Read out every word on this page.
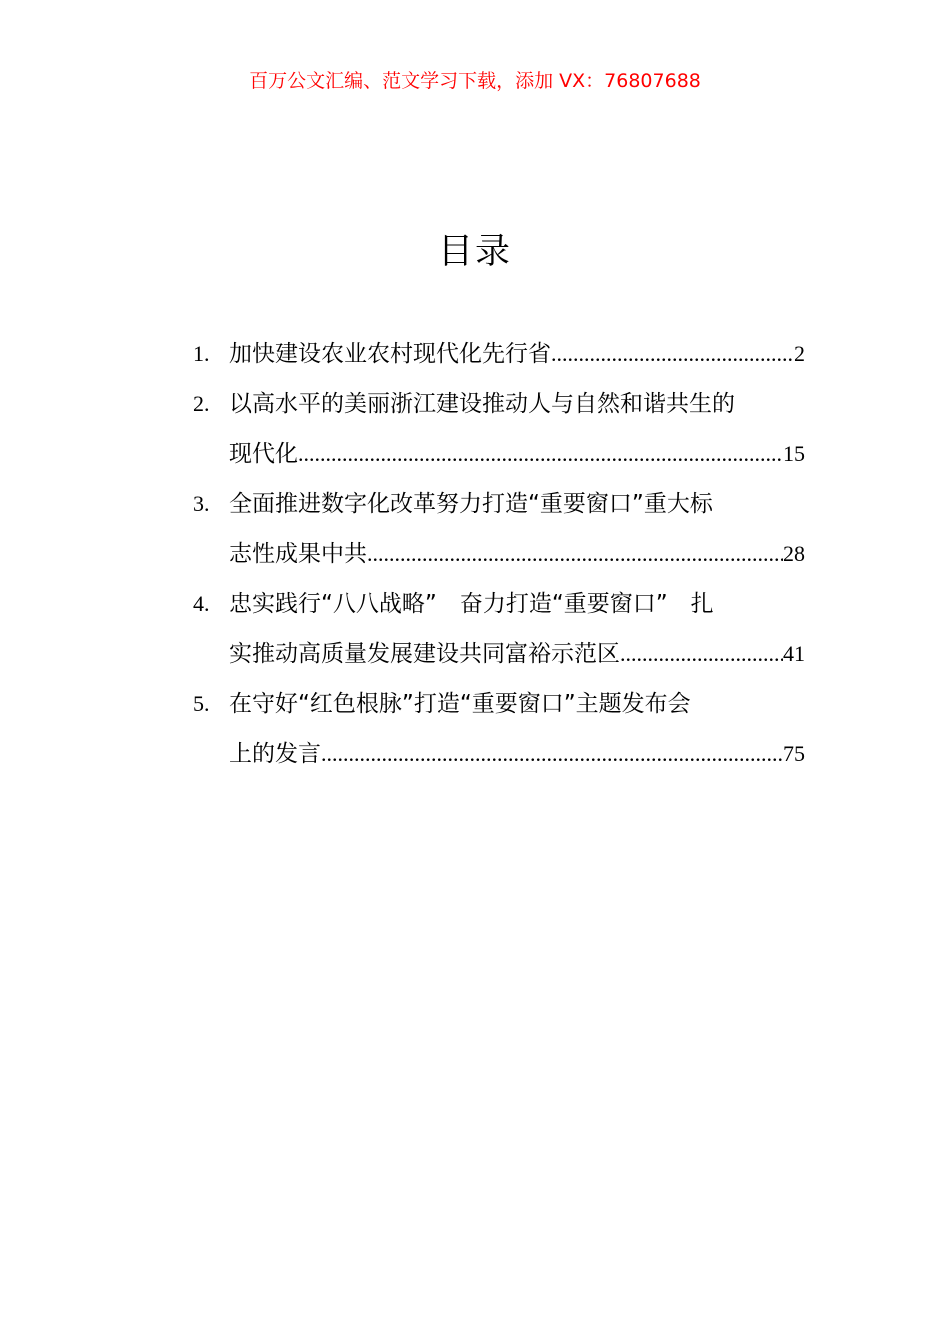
百万公文汇编、范文学习下载，添加 VX：76807688
目录
1. 加快建设农业农村现代化先行省 .....	2
2. 以高水平的美丽浙江建设推动人与自然和谐共生的
现代化 .....	15
3. 全面推进数字化改革努力打造“重要窗口”重大标
志性成果中共 .....	28
4. 忠实践行“八八战略”　奋力打造“重要窗口”　扎
实推动高质量发展建设共同富裕示范区 .....	41
5. 在守好“红色根脉”打造“重要窗口”主题发布会
上的发言 .....	75
